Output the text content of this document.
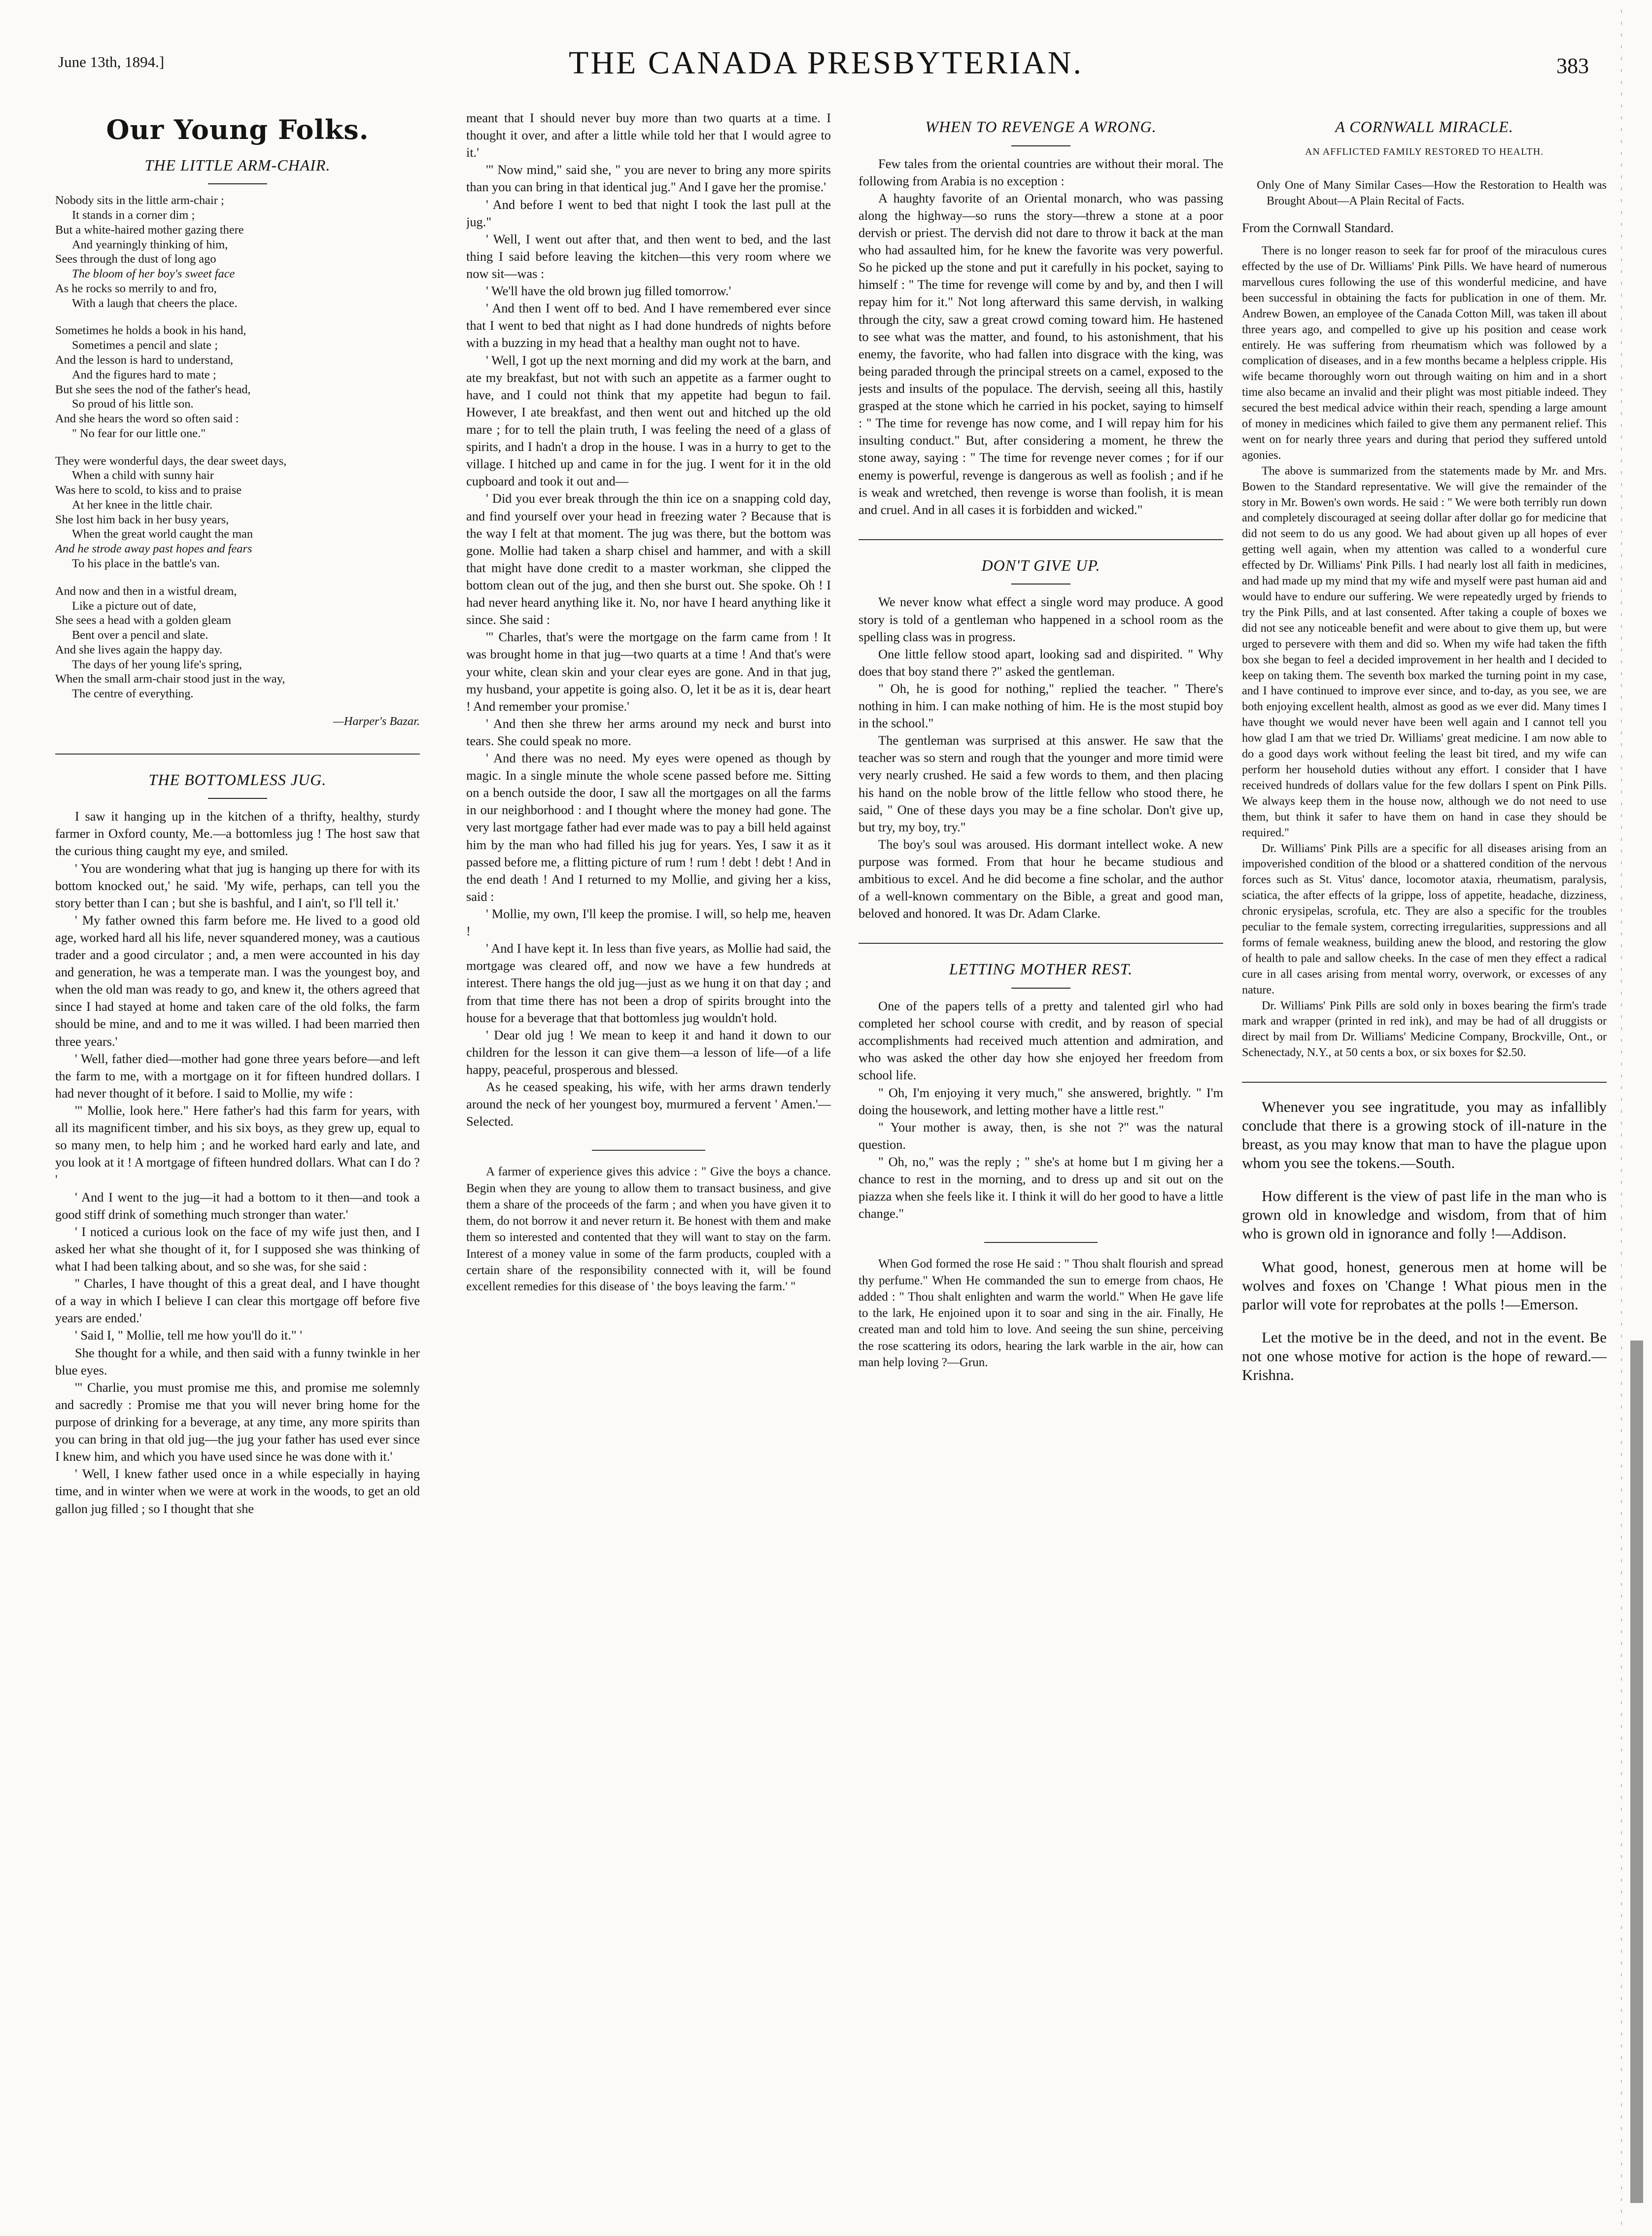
June 13th, 1894.]	THE CANADA PRESBYTERIAN.	383
Our Young Folks.
THE LITTLE ARM-CHAIR.
Nobody sits in the little arm-chair ;
It stands in a corner dim ;
But a white-haired mother gazing there
And yearningly thinking of him,
Sees through the dust of long ago
The bloom of her boy's sweet face
As he rocks so merrily to and fro,
With a laugh that cheers the place.
Sometimes he holds a book in his hand,
Sometimes a pencil and slate ;
And the lesson is hard to understand,
And the figures hard to mate ;
But she sees the nod of the father's head,
So proud of his little son.
And she hears the word so often said :
" No fear for our little one."
They were wonderful days, the dear sweet days,
When a child with sunny hair
Was here to scold, to kiss and to praise
At her knee in the little chair.
She lost him back in her busy years,
When the great world caught the man
And he strode away past hopes and fears
To his place in the battle's van.
And now and then in a wistful dream,
Like a picture out of date,
She sees a head with a golden gleam
Bent over a pencil and slate.
And she lives again the happy day.
The days of her young life's spring,
When the small arm-chair stood just in the way,
The centre of everything.
—Harper's Bazar.
THE BOTTOMLESS JUG.

I saw it hanging up in the kitchen of a thrifty, healthy, sturdy farmer in Oxford county, Me.—a bottomless jug ! The host saw that the curious thing caught my eye, and smiled.

' You are wondering what that jug is hanging up there for with its bottom knocked out,' he said. 'My wife, perhaps, can tell you the story better than I can ; but she is bashful, and I ain't, so I'll tell it.'

' My father owned this farm before me. He lived to a good old age, worked hard all his life, never squandered money, was a cautious trader and a good circulator ; and, a men were accounted in his day and generation, he was a temperate man. I was the youngest boy, and when the old man was ready to go, and knew it, the others agreed that since I had stayed at home and taken care of the old folks, the farm should be mine, and and to me it was willed. I had been married then three years.'

' Well, father died—mother had gone three years before—and left the farm to me, with a mortgage on it for fifteen hundred dollars. I had never thought of it before. I said to Mollie, my wife :

'" Mollie, look here." Here father's had this farm for years, with all its magnificent timber, and his six boys, as they grew up, equal to so many men, to help him ; and he worked hard early and late, and you look at it ! A mortgage of fifteen hundred dollars. What can I do ? '

' And I went to the jug—it had a bottom to it then—and took a good stiff drink of something much stronger than water.'

' I noticed a curious look on the face of my wife just then, and I asked her what she thought of it, for I supposed she was thinking of what I had been talking about, and so she was, for she said :

'' Charles, I have thought of this a great deal, and I have thought of a way in which I believe I can clear this mortgage off before five years are ended.'

' Said I, " Mollie, tell me how you'll do it." '

She thought for a while, and then said with a funny twinkle in her blue eyes.

'" Charlie, you must promise me this, and promise me solemnly and sacredly : Promise me that you will never bring home for the purpose of drinking for a beverage, at any time, any more spirits than you can bring in that old jug—the jug your father has used ever since I knew him, and which you have used since he was done with it.'

' Well, I knew father used once in a while especially in haying time, and in winter when we were at work in the woods, to get an old gallon jug filled ; so I thought that she

meant that I should never buy more than two quarts at a time. I thought it over, and after a little while told her that I would agree to it.'

'" Now mind," said she, " you are never to bring any more spirits than you can bring in that identical jug." And I gave her the promise.'

' And before I went to bed that night I took the last pull at the jug."

' Well, I went out after that, and then went to bed, and the last thing I said before leaving the kitchen—this very room where we now sit—was :

' We'll have the old brown jug filled tomorrow.'

' And then I went off to bed. And I have remembered ever since that I went to bed that night as I had done hundreds of nights before with a buzzing in my head that a healthy man ought not to have.

' Well, I got up the next morning and did my work at the barn, and ate my breakfast, but not with such an appetite as a farmer ought to have, and I could not think that my appetite had begun to fail. However, I ate breakfast, and then went out and hitched up the old mare ; for to tell the plain truth, I was feeling the need of a glass of spirits, and I hadn't a drop in the house. I was in a hurry to get to the village. I hitched up and came in for the jug. I went for it in the old cupboard and took it out and—

' Did you ever break through the thin ice on a snapping cold day, and find yourself over your head in freezing water ? Because that is the way I felt at that moment. The jug was there, but the bottom was gone. Mollie had taken a sharp chisel and hammer, and with a skill that might have done credit to a master workman, she clipped the bottom clean out of the jug, and then she burst out. She spoke. Oh ! I had never heard anything like it. No, nor have I heard anything like it since. She said :

'" Charles, that's were the mortgage on the farm came from ! It was brought home in that jug—two quarts at a time ! And that's were your white, clean skin and your clear eyes are gone. And in that jug, my husband, your appetite is going also. O, let it be as it is, dear heart ! And remember your promise.'

' And then she threw her arms around my neck and burst into tears. She could speak no more.

' And there was no need. My eyes were opened as though by magic. In a single minute the whole scene passed before me. Sitting on a bench outside the door, I saw all the mortgages on all the farms in our neighborhood : and I thought where the money had gone. The very last mortgage father had ever made was to pay a bill held against him by the man who had filled his jug for years. Yes, I saw it as it passed before me, a flitting picture of rum ! rum ! debt ! debt ! And in the end death ! And I returned to my Mollie, and giving her a kiss, said :

' Mollie, my own, I'll keep the promise. I will, so help me, heaven !

' And I have kept it. In less than five years, as Mollie had said, the mortgage was cleared off, and now we have a few hundreds at interest. There hangs the old jug—just as we hung it on that day ; and from that time there has not been a drop of spirits brought into the house for a beverage that that bottomless jug wouldn't hold.

' Dear old jug ! We mean to keep it and hand it down to our children for the lesson it can give them—a lesson of life—of a life happy, peaceful, prosperous and blessed.

As he ceased speaking, his wife, with her arms drawn tenderly around the neck of her youngest boy, murmured a fervent ' Amen.'—Selected.

A farmer of experience gives this advice : " Give the boys a chance. Begin when they are young to allow them to transact business, and give them a share of the proceeds of the farm ; and when you have given it to them, do not borrow it and never return it. Be honest with them and make them so interested and contented that they will want to stay on the farm. Interest of a money value in some of the farm products, coupled with a certain share of the responsibility connected with it, will be found excellent remedies for this disease of ' the boys leaving the farm.' "

WHEN TO REVENGE A WRONG.

Few tales from the oriental countries are without their moral. The following from Arabia is no exception :

A haughty favorite of an Oriental monarch, who was passing along the highway—so runs the story—threw a stone at a poor dervish or priest. The dervish did not dare to throw it back at the man who had assaulted him, for he knew the favorite was very powerful. So he picked up the stone and put it carefully in his pocket, saying to himself : " The time for revenge will come by and by, and then I will repay him for it." Not long afterward this same dervish, in walking through the city, saw a great crowd coming toward him. He hastened to see what was the matter, and found, to his astonishment, that his enemy, the favorite, who had fallen into disgrace with the king, was being paraded through the principal streets on a camel, exposed to the jests and insults of the populace. The dervish, seeing all this, hastily grasped at the stone which he carried in his pocket, saying to himself : " The time for revenge has now come, and I will repay him for his insulting conduct." But, after considering a moment, he threw the stone away, saying : " The time for revenge never comes ; for if our enemy is powerful, revenge is dangerous as well as foolish ; and if he is weak and wretched, then revenge is worse than foolish, it is mean and cruel. And in all cases it is forbidden and wicked."

DON'T GIVE UP.

We never know what effect a single word may produce. A good story is told of a gentleman who happened in a school room as the spelling class was in progress.

One little fellow stood apart, looking sad and dispirited. " Why does that boy stand there ?" asked the gentleman.

" Oh, he is good for nothing," replied the teacher. " There's nothing in him. I can make nothing of him. He is the most stupid boy in the school."

The gentleman was surprised at this answer. He saw that the teacher was so stern and rough that the younger and more timid were very nearly crushed. He said a few words to them, and then placing his hand on the noble brow of the little fellow who stood there, he said, " One of these days you may be a fine scholar. Don't give up, but try, my boy, try."

The boy's soul was aroused. His dormant intellect woke. A new purpose was formed. From that hour he became studious and ambitious to excel. And he did become a fine scholar, and the author of a well-known commentary on the Bible, a great and good man, beloved and honored. It was Dr. Adam Clarke.

LETTING MOTHER REST.

One of the papers tells of a pretty and talented girl who had completed her school course with credit, and by reason of special accomplishments had received much attention and admiration, and who was asked the other day how she enjoyed her freedom from school life.

" Oh, I'm enjoying it very much," she answered, brightly. " I'm doing the housework, and letting mother have a little rest."

" Your mother is away, then, is she not ?" was the natural question.

" Oh, no," was the reply ; " she's at home but I m giving her a chance to rest in the morning, and to dress up and sit out on the piazza when she feels like it. I think it will do her good to have a little change."

When God formed the rose He said : " Thou shalt flourish and spread thy perfume." When He commanded the sun to emerge from chaos, He added : " Thou shalt enlighten and warm the world." When He gave life to the lark, He enjoined upon it to soar and sing in the air. Finally, He created man and told him to love. And seeing the sun shine, perceiving the rose scattering its odors, hearing the lark warble in the air, how can man help loving ?—Grun.

A CORNWALL MIRACLE.
AN AFFLICTED FAMILY RESTORED TO HEALTH.
Only One of Many Similar Cases—How the Restoration to Health was Brought About—A Plain Recital of Facts.

From the Cornwall Standard.

There is no longer reason to seek far for proof of the miraculous cures effected by the use of Dr. Williams' Pink Pills. We have heard of numerous marvellous cures following the use of this wonderful medicine, and have been successful in obtaining the facts for publication in one of them. Mr. Andrew Bowen, an employee of the Canada Cotton Mill, was taken ill about three years ago, and compelled to give up his position and cease work entirely. He was suffering from rheumatism which was followed by a complication of diseases, and in a few months became a helpless cripple. His wife became thoroughly worn out through waiting on him and in a short time also became an invalid and their plight was most pitiable indeed. They secured the best medical advice within their reach, spending a large amount of money in medicines which failed to give them any permanent relief. This went on for nearly three years and during that period they suffered untold agonies.

The above is summarized from the statements made by Mr. and Mrs. Bowen to the Standard representative. We will give the remainder of the story in Mr. Bowen's own words. He said : " We were both terribly run down and completely discouraged at seeing dollar after dollar go for medicine that did not seem to do us any good. We had about given up all hopes of ever getting well again, when my attention was called to a wonderful cure effected by Dr. Williams' Pink Pills. I had nearly lost all faith in medicines, and had made up my mind that my wife and myself were past human aid and would have to endure our suffering. We were repeatedly urged by friends to try the Pink Pills, and at last consented. After taking a couple of boxes we did not see any noticeable benefit and were about to give them up, but were urged to persevere with them and did so. When my wife had taken the fifth box she began to feel a decided improvement in her health and I decided to keep on taking them. The seventh box marked the turning point in my case, and I have continued to improve ever since, and to-day, as you see, we are both enjoying excellent health, almost as good as we ever did. Many times I have thought we would never have been well again and I cannot tell you how glad I am that we tried Dr. Williams' great medicine. I am now able to do a good days work without feeling the least bit tired, and my wife can perform her household duties without any effort. I consider that I have received hundreds of dollars value for the few dollars I spent on Pink Pills. We always keep them in the house now, although we do not need to use them, but think it safer to have them on hand in case they should be required."

Dr. Williams' Pink Pills are a specific for all diseases arising from an impoverished condition of the blood or a shattered condition of the nervous forces such as St. Vitus' dance, locomotor ataxia, rheumatism, paralysis, sciatica, the after effects of la grippe, loss of appetite, headache, dizziness, chronic erysipelas, scrofula, etc. They are also a specific for the troubles peculiar to the female system, correcting irregularities, suppressions and all forms of female weakness, building anew the blood, and restoring the glow of health to pale and sallow cheeks. In the case of men they effect a radical cure in all cases arising from mental worry, overwork, or excesses of any nature.

Dr. Williams' Pink Pills are sold only in boxes bearing the firm's trade mark and wrapper (printed in red ink), and may be had of all druggists or direct by mail from Dr. Williams' Medicine Company, Brockville, Ont., or Schenectady, N.Y., at 50 cents a box, or six boxes for $2.50.

Whenever you see ingratitude, you may as infallibly conclude that there is a growing stock of ill-nature in the breast, as you may know that man to have the plague upon whom you see the tokens.—South.

How different is the view of past life in the man who is grown old in knowledge and wisdom, from that of him who is grown old in ignorance and folly !—Addison.

What good, honest, generous men at home will be wolves and foxes on 'Change ! What pious men in the parlor will vote for reprobates at the polls !—Emerson.

Let the motive be in the deed, and not in the event. Be not one whose motive for action is the hope of reward.—Krishna.
